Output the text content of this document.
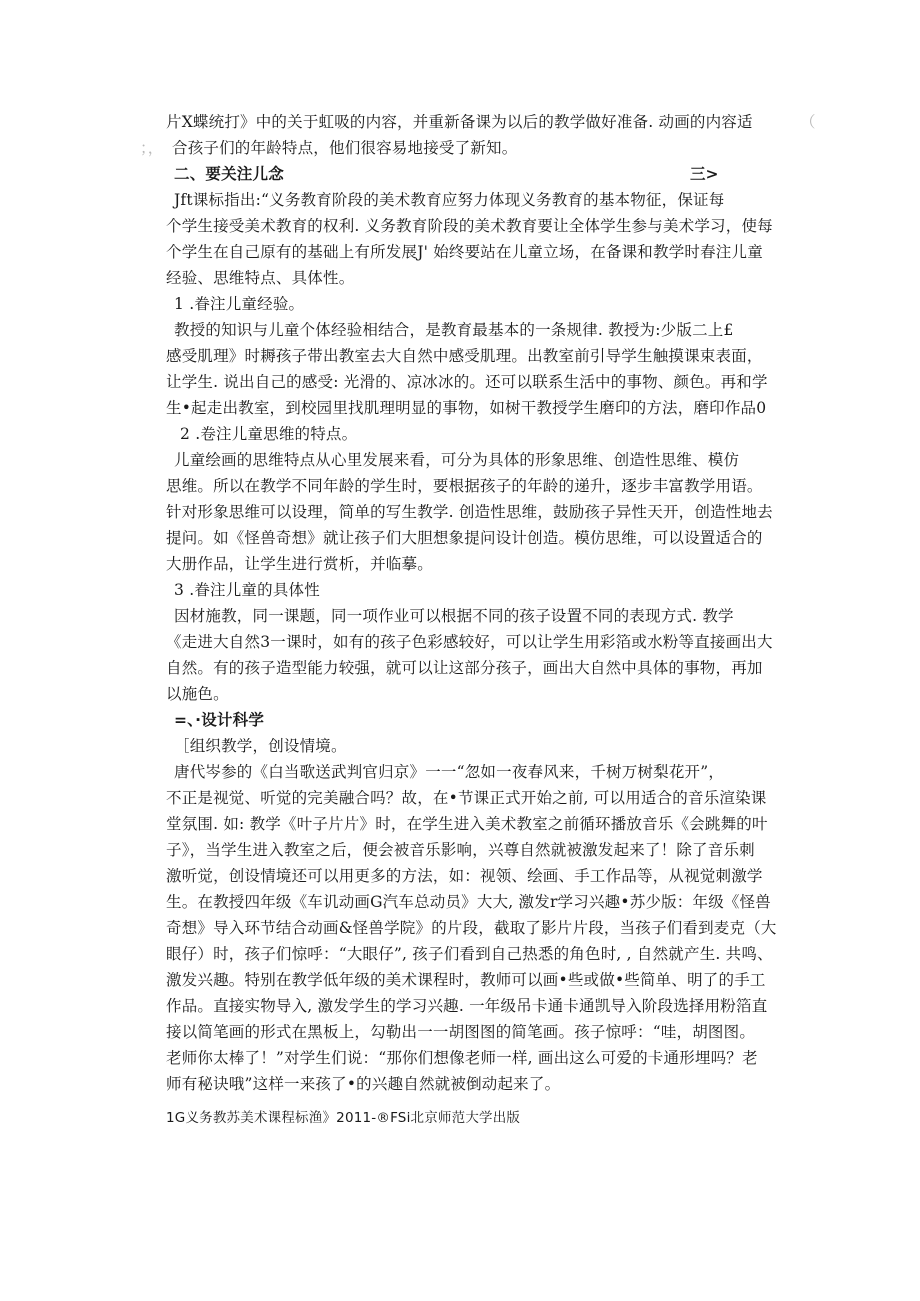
片X蝶统打》中的关于虹吸的内容，并重新备课为以后的教学做好准备. 动画的内容适	（
；， 合孩子们的年龄特点，他们很容易地接受了新知。
二、要关注儿念	三>
Jft课标指出:“义务教育阶段的美术教育应努力体现义务教育的基本物征，保证每
个学生接受美术教育的权利. 义务教育阶段的美术教育要让全体学生参与美术学习，使每
个学生在自己原有的基础上有所发展J' 始终要站在儿童立场，在备课和教学时春注儿童
经验、思维特点、具体性。
1 .眷注儿童经验。
教授的知识与儿童个体经验相结合，是教育最基本的一条规律. 教授为:少版二上£
感受肌理》时耨孩子带出教室去大自然中感受肌理。出教室前引导学生触摸课束表面，
让学生. 说出自己的感受: 光滑的、凉冰冰的。还可以联系生活中的事物、颜色。再和学
生•起走出教室，到校园里找肌理明显的事物，如树干教授学生磨印的方法，磨印作品0
2 .卷注儿童思维的特点。
儿童绘画的思维特点从心里发展来看，可分为具体的形象思维、创造性思维、模仿
思维。所以在教学不同年龄的学生时，要根据孩子的年龄的递升，逐步丰富教学用语。
针对形象思维可以设理，简单的写生教学. 创造性思维，鼓励孩子异性天开，创造性地去
提问。如《怪兽奇想》就让孩子们大胆想象提问设计创造。模仿思维，可以设置适合的
大册作品，让学生进行赏析，并临摹。
3 .眷注儿童的具体性
因材施教，同一课题，同一项作业可以根据不同的孩子设置不同的表现方式. 教学
《走进大自然3一课时，如有的孩子色彩感较好，可以让学生用彩箔或水粉等直接画出大
自然。有的孩子造型能力较强，就可以让这部分孩子，画出大自然中具体的事物，再加
以施色。
=、·设计科学
［组织教学，创设情境。
唐代岑参的《白当歌送武判官归京》一一“忽如一夜春风来，千树万树梨花开”，
不正是视觉、听觉的完美融合吗？故，在•节课正式开始之前, 可以用适合的音乐渲染课
堂氛围. 如: 教学《叶子片片》时，在学生进入美术教室之前循环播放音乐《会跳舞的叶
子》，当学生进入教室之后，便会被音乐影响，兴尊自然就被激发起来了！除了音乐刺
激听觉，创设情境还可以用更多的方法，如：视领、绘画、手工作品等，从视觉刺激学
生。在教授四年级《车讥动画G汽车总动员》大大, 激发r学习兴趣•苏少版：年级《怪兽
奇想》导入环节结合动画&怪兽学院》的片段，截取了影片片段，当孩子们看到麦克（大
眼仔）时，孩子们惊呼：“大眼仔”, 孩子们看到自己热悉的角色时, , 自然就产生. 共鸣、
激发兴趣。特别在教学低年级的美术课程时，教师可以画•些或做•些简单、明了的手工
作品。直接实物导入, 激发学生的学习兴趣. 一年级吊卡通卡通凯导入阶段选择用粉箔直
接以简笔画的形式在黑板上，勾勒出一一胡图图的简笔画。孩子惊呼：“哇，胡图图。
老师你太棒了！”对学生们说：“那你们想像老师一样, 画出这么可爱的卡通形埋吗？老
师有秘诀哦”这样一来孩了•的兴趣自然就被倒动起来了。
1G义务教苏美术课程标渔》2011-®FSi北京师范大学出版
